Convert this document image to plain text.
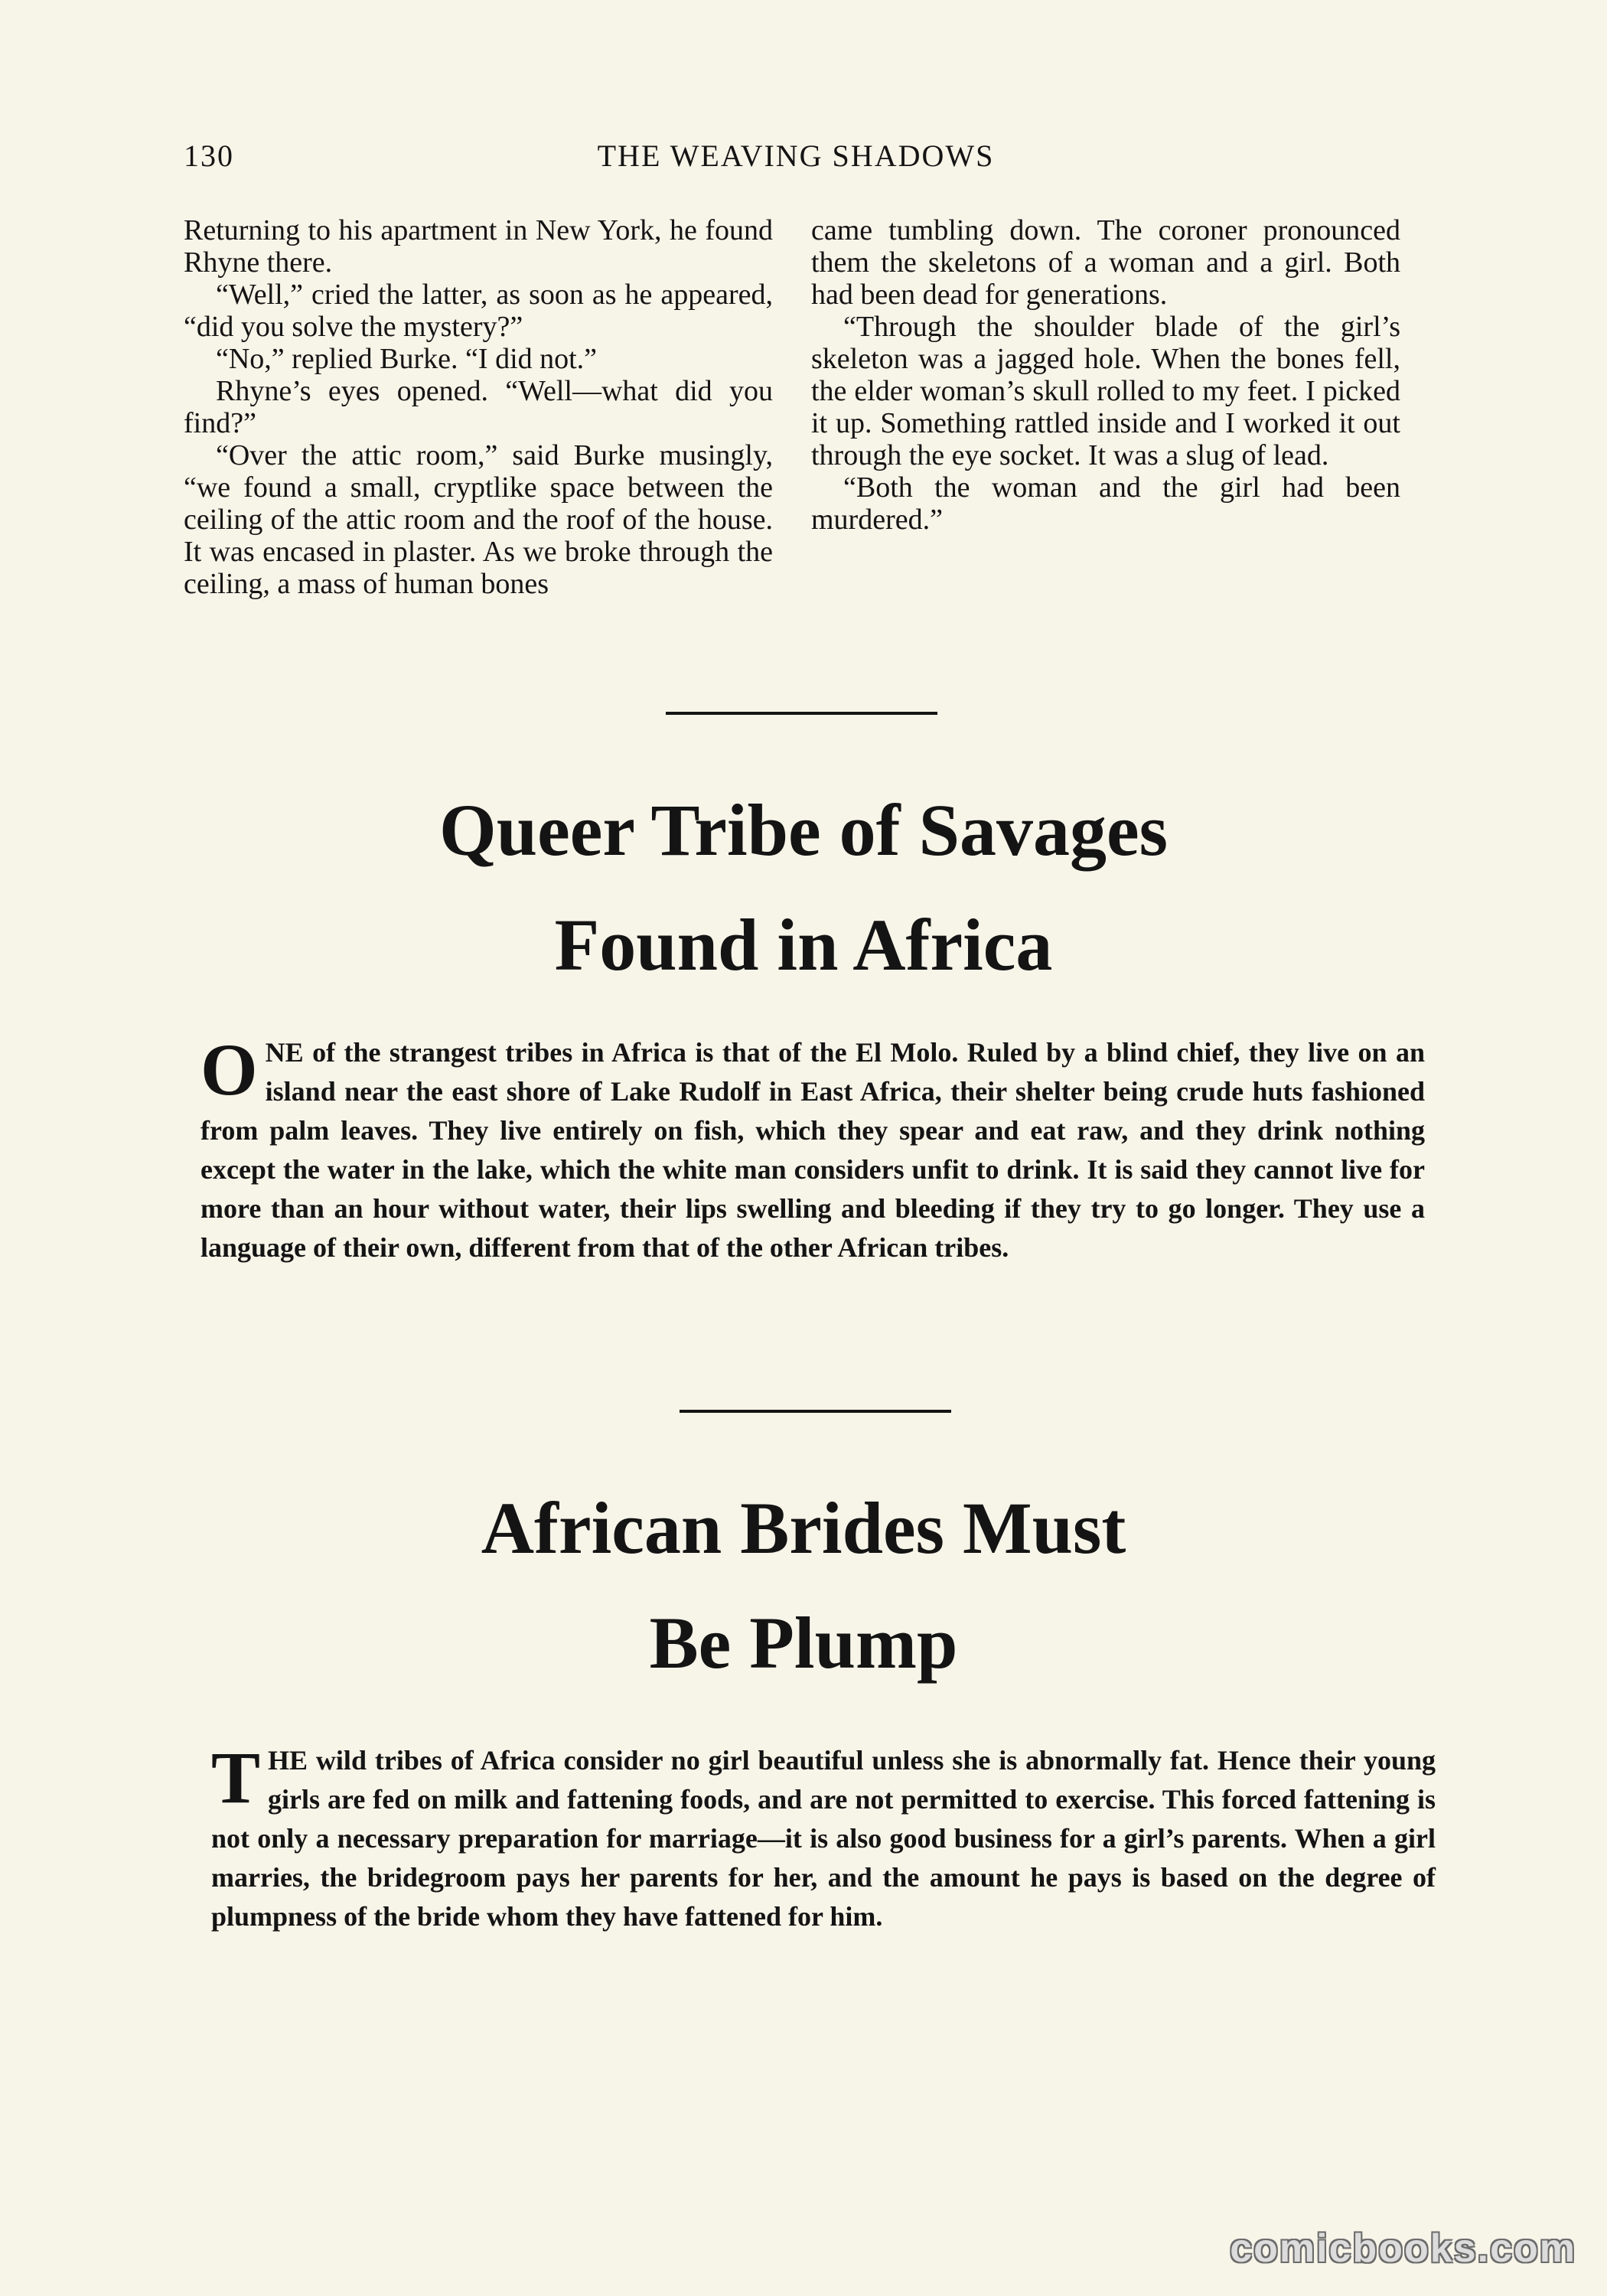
130	THE WEAVING SHADOWS

Returning to his apartment in New York, he found Rhyne there.

“Well,” cried the latter, as soon as he appeared, “did you solve the mystery?”

“No,” replied Burke. “I did not.”

Rhyne’s eyes opened. “Well—what did you find?”

“Over the attic room,” said Burke musingly, “we found a small, cryptlike space between the ceiling of the attic room and the roof of the house. It was encased in plaster. As we broke through the ceiling, a mass of human bones

came tumbling down. The coroner pronounced them the skeletons of a woman and a girl. Both had been dead for generations.

“Through the shoulder blade of the girl’s skeleton was a jagged hole. When the bones fell, the elder woman’s skull rolled to my feet. I picked it up. Something rattled inside and I worked it out through the eye socket. It was a slug of lead.

“Both the woman and the girl had been murdered.”

Queer Tribe of Savages
Found in Africa

ONE of the strangest tribes in Africa is that of the El Molo. Ruled by a blind chief, they live on an island near the east shore of Lake Rudolf in East Africa, their shelter being crude huts fashioned from palm leaves. They live entirely on fish, which they spear and eat raw, and they drink nothing except the water in the lake, which the white man considers unfit to drink. It is said they cannot live for more than an hour without water, their lips swelling and bleeding if they try to go longer. They use a language of their own, different from that of the other African tribes.

African Brides Must
Be Plump

THE wild tribes of Africa consider no girl beautiful unless she is abnormally fat. Hence their young girls are fed on milk and fattening foods, and are not permitted to exercise. This forced fattening is not only a necessary preparation for marriage—it is also good business for a girl’s parents. When a girl marries, the bridegroom pays her parents for her, and the amount he pays is based on the degree of plumpness of the bride whom they have fattened for him.

comicbooks.com
